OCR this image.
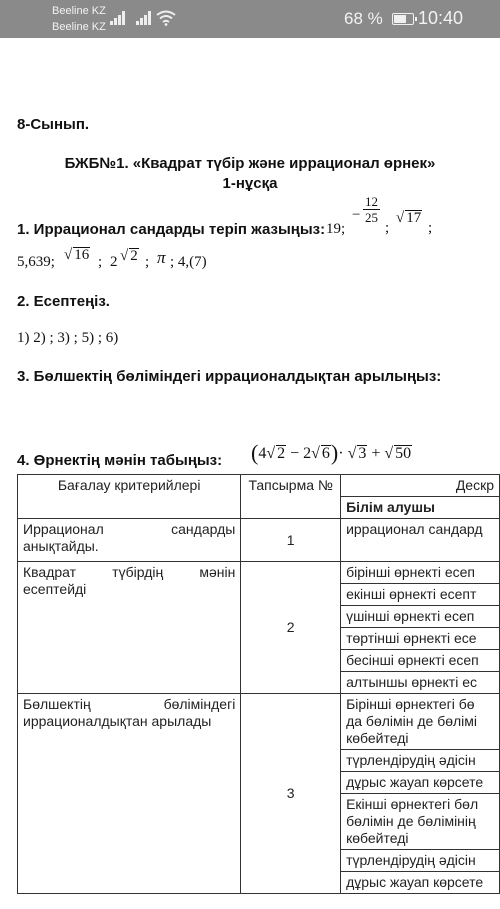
Beeline KZ
Beeline KZ	68 % 10:40
8-Сынып.
БЖБ№1. «Квадрат түбір және иррационал өрнек»
1-нұсқа
1. Иррационал сандарды теріп жазыңыз: 19;
− $\frac{12}{25}$
;
√ 17
;
5,639; √ 16 ; 2 √ 2 ; π ; 4,(7)
2. Есептеңіз.
1) 2) ; 3) ; 5) ; 6)
3. Бөлшектің бөліміндегі иррационалдықтан арылыңыз:
4. Өрнектің мәнін табыңыз: (4√ 2 − 2√ 6)· √ 3 + √ 50
Бағалау критерийлері	Тапсырма №	Дескр
		Білім алушы
Иррационал сандарды анықтайды.	1	иррационал сандард
Квадрат түбірдің мәнін есептейді	2	бірінші өрнекті есеп
		екінші өрнекті есепт
		үшінші өрнекті есеп
		төртінші өрнекті есе
		бесінші өрнекті есеп
		алтыншы өрнекті ес
Бөлшектің бөліміндегі иррационалдықтан арылады	3	Бірінші өрнектегі бө да бөлімін де бөлімі көбейтеді
		түрлендірудің әдісін
		дұрыс жауап көрсете
		Екінші өрнектегі бөл бөлімін де бөлімінің көбейтеді
		түрлендірудің әдісін
		дұрыс жауап көрсете
